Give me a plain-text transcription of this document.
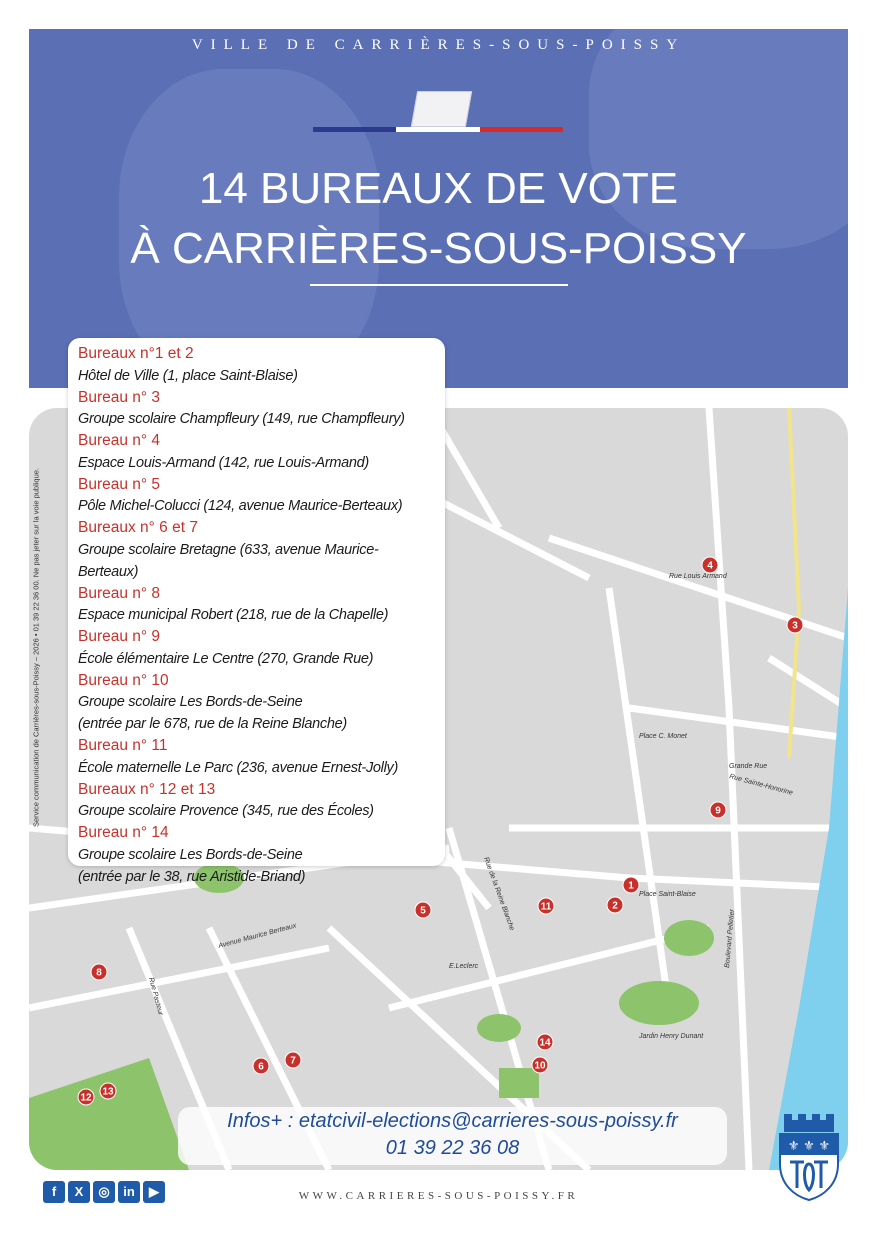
VILLE DE CARRIÈRES-SOUS-POISSY
14 BUREAUX DE VOTE
À CARRIÈRES-SOUS-POISSY
Rue Louis Armand
Grande Rue
Rue Sainte-Honorine
Avenue Maurice Berteaux
Rue de la Reine Blanche
Jardin Henry Dunant
Place Saint-Blaise
Rue Pasteur
Place C. Monet
Boulevard Pelletier
E.Leclerc
1
2
3
4
5
6
7
8
9
10
11
12
13
14
Service communication de Carrières-sous-Poissy – 2026 • 01 39 22 36 00. Ne pas jeter sur la voie publique.
Bureaux n°1 et 2
Hôtel de Ville (1, place Saint-Blaise)
Bureau n° 3
Groupe scolaire Champfleury (149, rue Champfleury)
Bureau n° 4
Espace Louis-Armand (142, rue Louis-Armand)
Bureau n° 5
Pôle Michel-Colucci (124, avenue Maurice-Berteaux)
Bureaux n° 6 et 7
Groupe scolaire Bretagne (633, avenue Maurice-Berteaux)
Bureau n° 8
Espace municipal Robert (218, rue de la Chapelle)
Bureau n° 9
École élémentaire Le Centre (270, Grande Rue)
Bureau n° 10
Groupe scolaire Les Bords-de-Seine
(entrée par le 678, rue de la Reine Blanche)
Bureau n° 11
École maternelle Le Parc (236, avenue Ernest-Jolly)
Bureaux n° 12 et 13
Groupe scolaire Provence (345, rue des Écoles)
Bureau n° 14
Groupe scolaire Les Bords-de-Seine
(entrée par le 38, rue Aristide-Briand)
Infos+ : etatcivil-elections@carrieres-sous-poissy.fr
01 39 22 36 08
f	X	◎	in	▶	WWW.CARRIERES-SOUS-POISSY.FR
⚜ ⚜ ⚜
